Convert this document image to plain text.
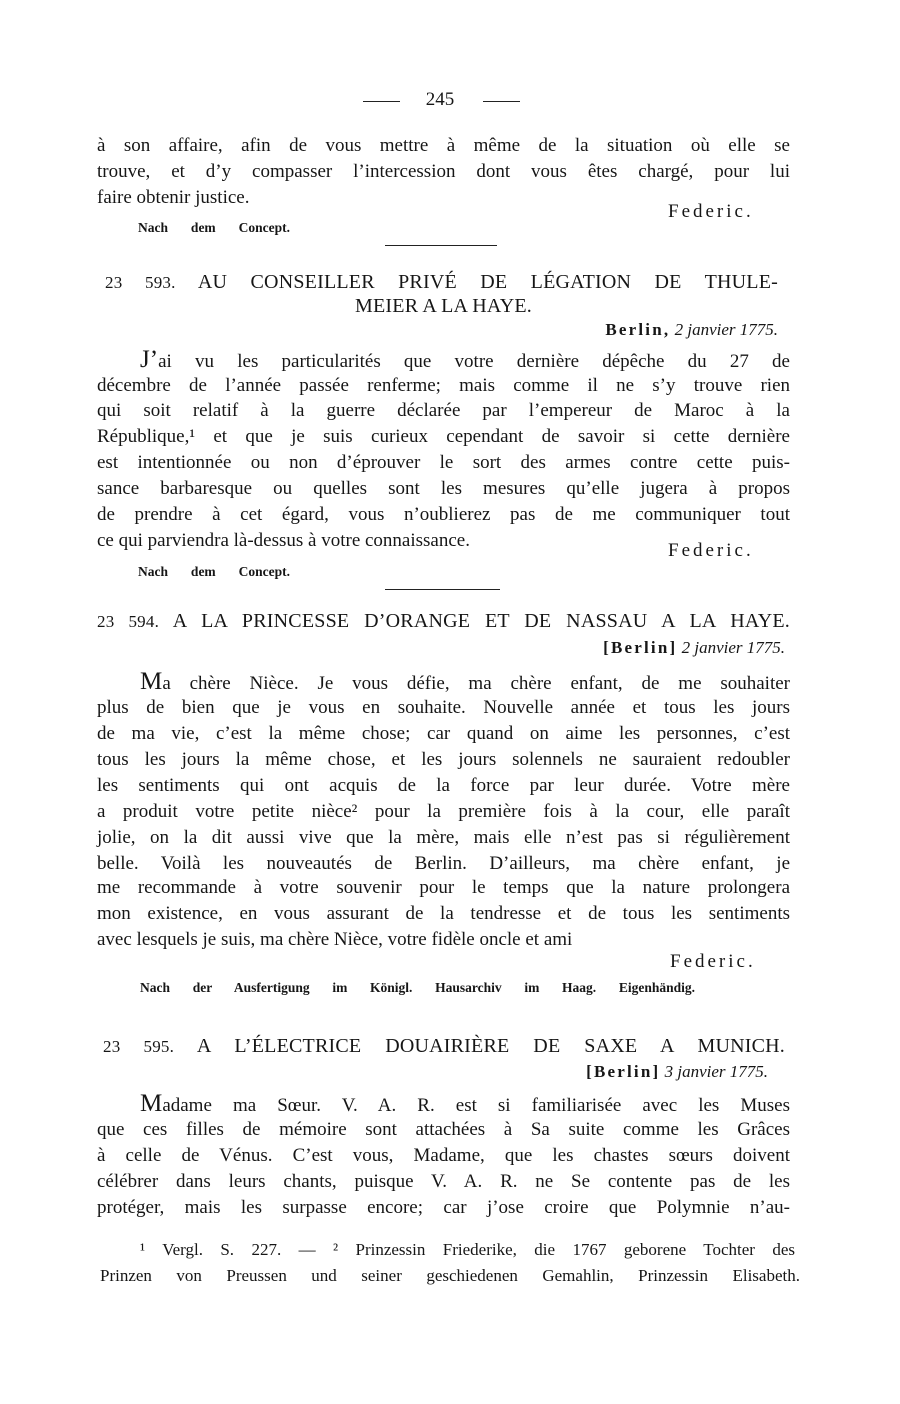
245
à son affaire, afin de vous mettre à même de la situation où elle se
trouve, et d’y compasser l’intercession dont vous êtes chargé, pour lui
faire obtenir justice.
Federic.
Nach dem Concept.
23 593. AU CONSEILLER PRIVÉ DE LÉGATION DE THULE-
MEIER A LA HAYE.
Berlin, 2 janvier 1775.
J’ai vu les particularités que votre dernière dépêche du 27 de
décembre de l’année passée renferme; mais comme il ne s’y trouve rien
qui soit relatif à la guerre déclarée par l’empereur de Maroc à la
République,¹ et que je suis curieux cependant de savoir si cette dernière
est intentionnée ou non d’éprouver le sort des armes contre cette puis-
sance barbaresque ou quelles sont les mesures qu’elle jugera à propos
de prendre à cet égard, vous n’oublierez pas de me communiquer tout
ce qui parviendra là-dessus à votre connaissance.	Federic.
Nach dem Concept.
23 594. A LA PRINCESSE D’ORANGE ET DE NASSAU A LA HAYE.
[Berlin] 2 janvier 1775.
Ma chère Nièce. Je vous défie, ma chère enfant, de me souhaiter
plus de bien que je vous en souhaite. Nouvelle année et tous les jours
de ma vie, c’est la même chose; car quand on aime les personnes, c’est
tous les jours la même chose, et les jours solennels ne sauraient redoubler
les sentiments qui ont acquis de la force par leur durée. Votre mère
a produit votre petite nièce² pour la première fois à la cour, elle paraît
jolie, on la dit aussi vive que la mère, mais elle n’est pas si régulièrement
belle. Voilà les nouveautés de Berlin. D’ailleurs, ma chère enfant, je
me recommande à votre souvenir pour le temps que la nature prolongera
mon existence, en vous assurant de la tendresse et de tous les sentiments
avec lesquels je suis, ma chère Nièce, votre fidèle oncle et ami
Federic.
Nach der Ausfertigung im Königl. Hausarchiv im Haag. Eigenhändig.
23 595. A L’ÉLECTRICE DOUAIRIÈRE DE SAXE A MUNICH.
[Berlin] 3 janvier 1775.
Madame ma Sœur. V. A. R. est si familiarisée avec les Muses
que ces filles de mémoire sont attachées à Sa suite comme les Grâces
à celle de Vénus. C’est vous, Madame, que les chastes sœurs doivent
célébrer dans leurs chants, puisque V. A. R. ne Se contente pas de les
protéger, mais les surpasse encore; car j’ose croire que Polymnie n’au-
¹ Vergl. S. 227. — ² Prinzessin Friederike, die 1767 geborene Tochter des
Prinzen von Preussen und seiner geschiedenen Gemahlin, Prinzessin Elisabeth.
